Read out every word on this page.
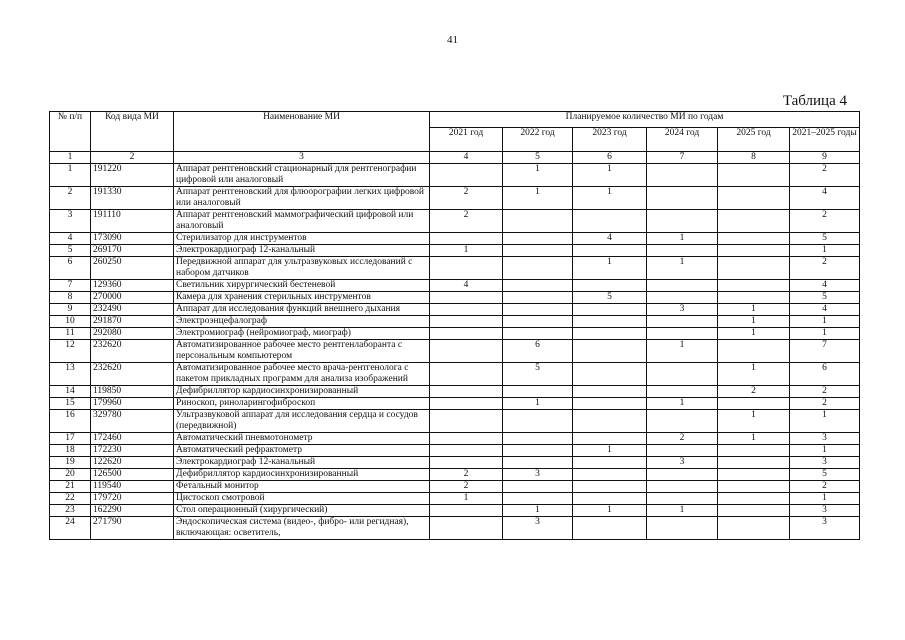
41
Таблица 4
№ п/п	Код вида МИ	Наименование МИ	Планируемое количество МИ по годам					
			2021 год	2022 год	2023 год	2024 год	2025 год	2021–2025 годы
1	2	3	4	5	6	7	8	9
1	191220	Аппарат рентгеновский стационарный для рентгенографии цифровой или аналоговый		1	1			2
2	191330	Аппарат рентгеновский для флюорографии легких цифровой или аналоговый	2	1	1			4
3	191110	Аппарат рентгеновский маммографический цифровой или аналоговый	2					2
4	173090	Стерилизатор для инструментов			4	1		5
5	269170	Электрокардиограф 12-канальный	1					1
6	260250	Передвижной аппарат для ультразвуковых исследований с набором датчиков			1	1		2
7	129360	Светильник хирургический бестеневой	4					4
8	270000	Камера для хранения стерильных инструментов			5			5
9	232490	Аппарат для исследования функций внешнего дыхания				3	1	4
10	291870	Электроэнцефалограф					1	1
11	292080	Электромиограф (нейромиограф, миограф)					1	1
12	232620	Автоматизированное рабочее место рентгенлаборанта с персональным компьютером		6		1		7
13	232620	Автоматизированное рабочее место врача-рентгенолога с пакетом прикладных программ для анализа изображений		5			1	6
14	119850	Дефибриллятор кардиосинхронизированный					2	2
15	179960	Риноскоп, риноларингофиброскоп		1		1		2
16	329780	Ультразвуковой аппарат для исследования сердца и сосудов (передвижной)					1	1
17	172460	Автоматический пневмотонометр				2	1	3
18	172230	Автоматический рефрактометр			1			1
19	122620	Электрокардиограф 12-канальный				3		3
20	126500	Дефибриллятор кардиосинхронизированный	2	3				5
21	119540	Фетальный монитор	2					2
22	179720	Цистоскоп смотровой	1					1
23	162290	Стол операционный (хирургический)		1	1	1		3
24	271790	Эндоскопическая система (видео-, фибро- или регидная), включающая: осветитель,		3				3
